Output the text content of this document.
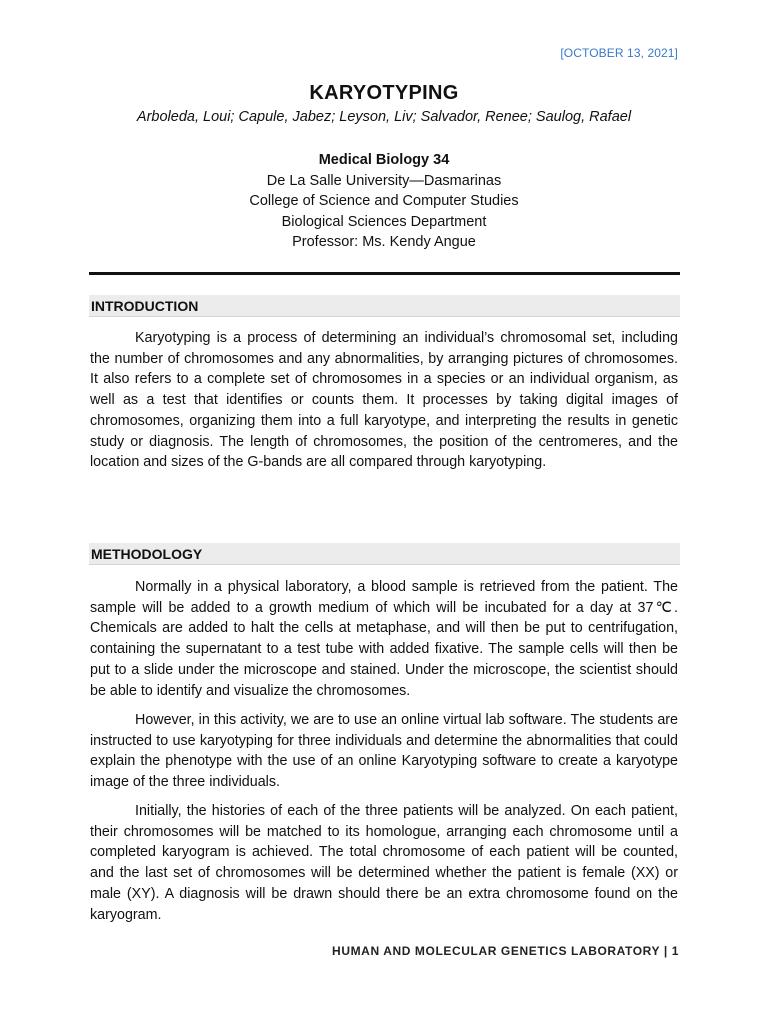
[OCTOBER 13, 2021]
KARYOTYPING
Arboleda, Loui; Capule, Jabez; Leyson, Liv; Salvador, Renee; Saulog, Rafael
Medical Biology 34
De La Salle University—Dasmarinas
College of Science and Computer Studies
Biological Sciences Department
Professor: Ms. Kendy Angue
INTRODUCTION

Karyotyping is a process of determining an individual’s chromosomal set, including the number of chromosomes and any abnormalities, by arranging pictures of chromosomes. It also refers to a complete set of chromosomes in a species or an individual organism, as well as a test that identifies or counts them. It processes by taking digital images of chromosomes, organizing them into a full karyotype, and interpreting the results in genetic study or diagnosis. The length of chromosomes, the position of the centromeres, and the location and sizes of the G-bands are all compared through karyotyping.

METHODOLOGY

Normally in a physical laboratory, a blood sample is retrieved from the patient. The sample will be added to a growth medium of which will be incubated for a day at 37℃. Chemicals are added to halt the cells at metaphase, and will then be put to centrifugation, containing the supernatant to a test tube with added fixative. The sample cells will then be put to a slide under the microscope and stained. Under the microscope, the scientist should be able to identify and visualize the chromosomes.

However, in this activity, we are to use an online virtual lab software. The students are instructed to use karyotyping for three individuals and determine the abnormalities that could explain the phenotype with the use of an online Karyotyping software to create a karyotype image of the three individuals.

Initially, the histories of each of the three patients will be analyzed. On each patient, their chromosomes will be matched to its homologue, arranging each chromosome until a completed karyogram is achieved. The total chromosome of each patient will be counted, and the last set of chromosomes will be determined whether the patient is female (XX) or male (XY). A diagnosis will be drawn should there be an extra chromosome found on the karyogram.

HUMAN AND MOLECULAR GENETICS LABORATORY | 1
